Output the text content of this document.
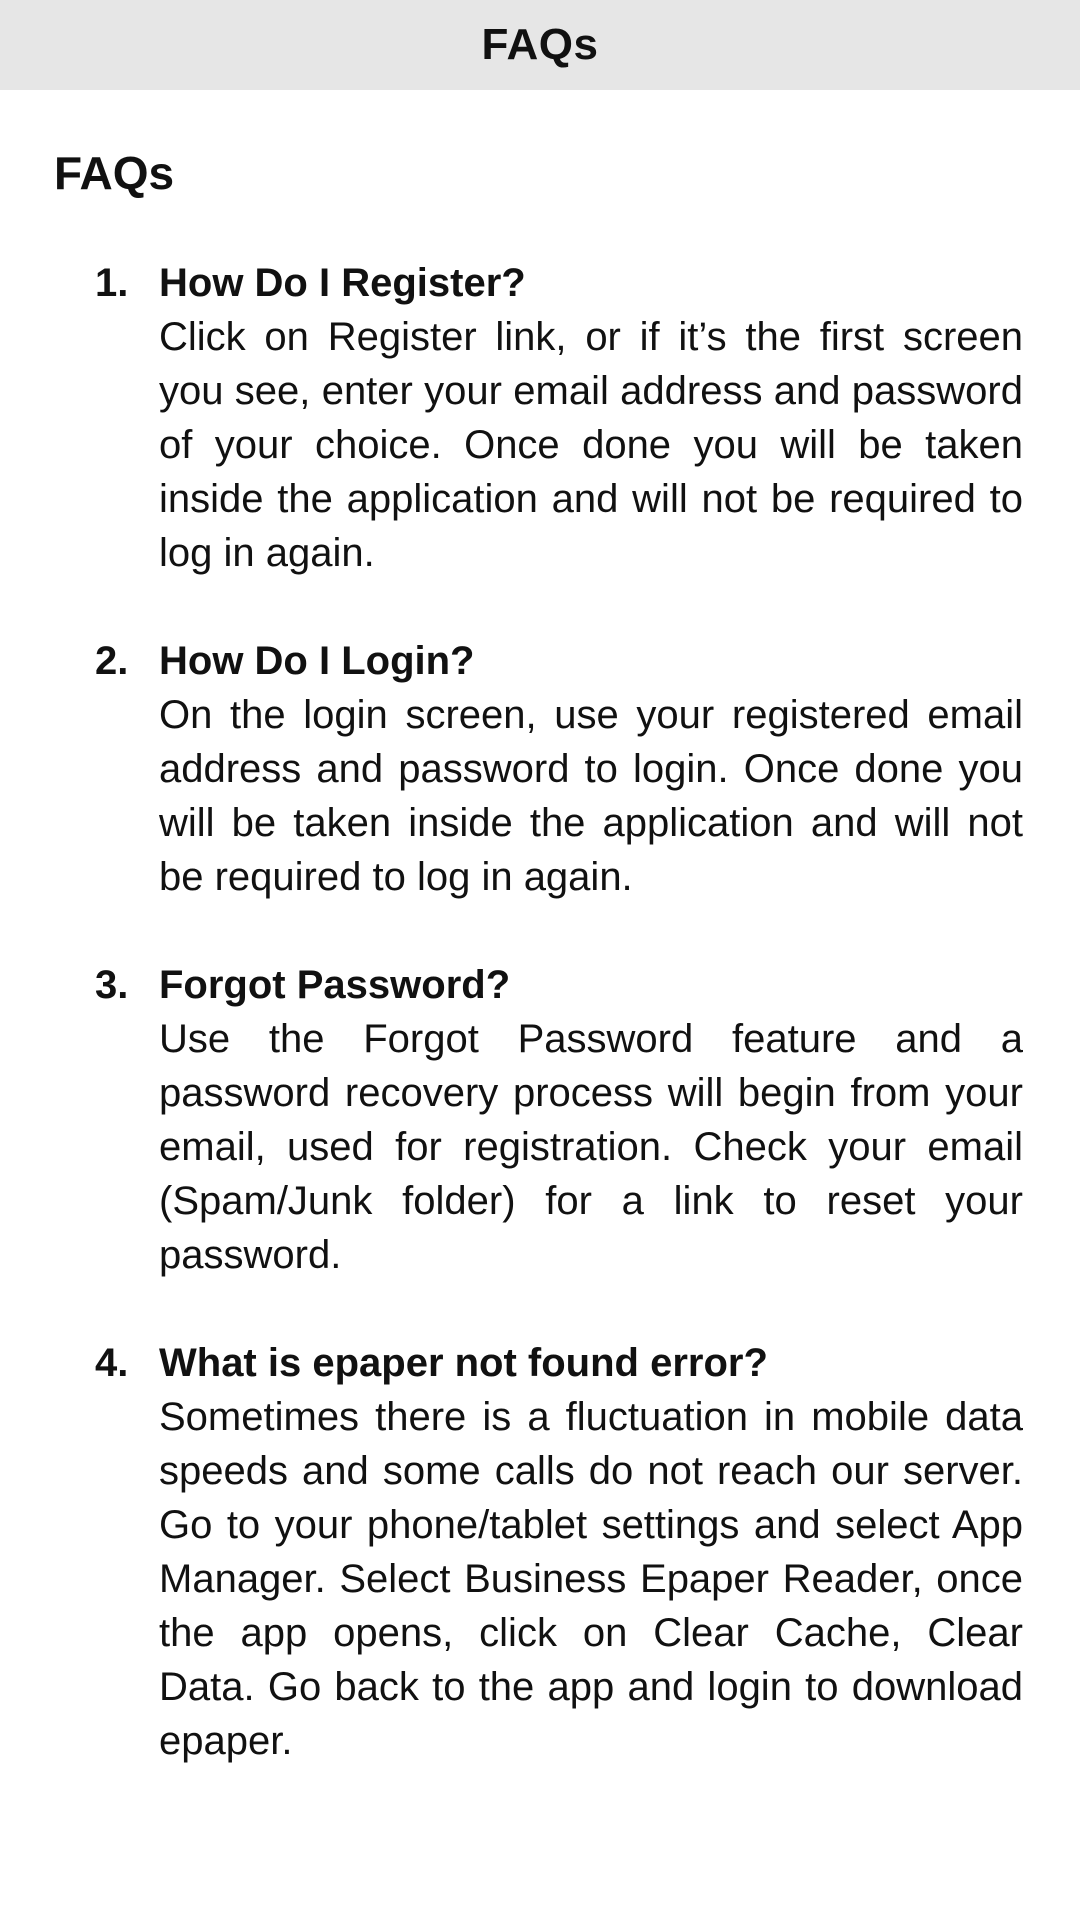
FAQs
FAQs
1. How Do I Register?

Click on Register link, or if it’s the first screen you see, enter your email address and password of your choice. Once done you will be taken inside the application and will not be required to log in again.

2. How Do I Login?

On the login screen, use your registered email address and password to login. Once done you will be taken inside the application and will not be required to log in again.

3. Forgot Password?

Use the Forgot Password feature and a password recovery process will begin from your email, used for registration. Check your email (Spam/Junk folder) for a link to reset your password.

4. What is epaper not found error?

Sometimes there is a fluctuation in mobile data speeds and some calls do not reach our server. Go to your phone/tablet settings and select App Manager. Select Business Epaper Reader, once the app opens, click on Clear Cache, Clear Data. Go back to the app and login to download epaper.
